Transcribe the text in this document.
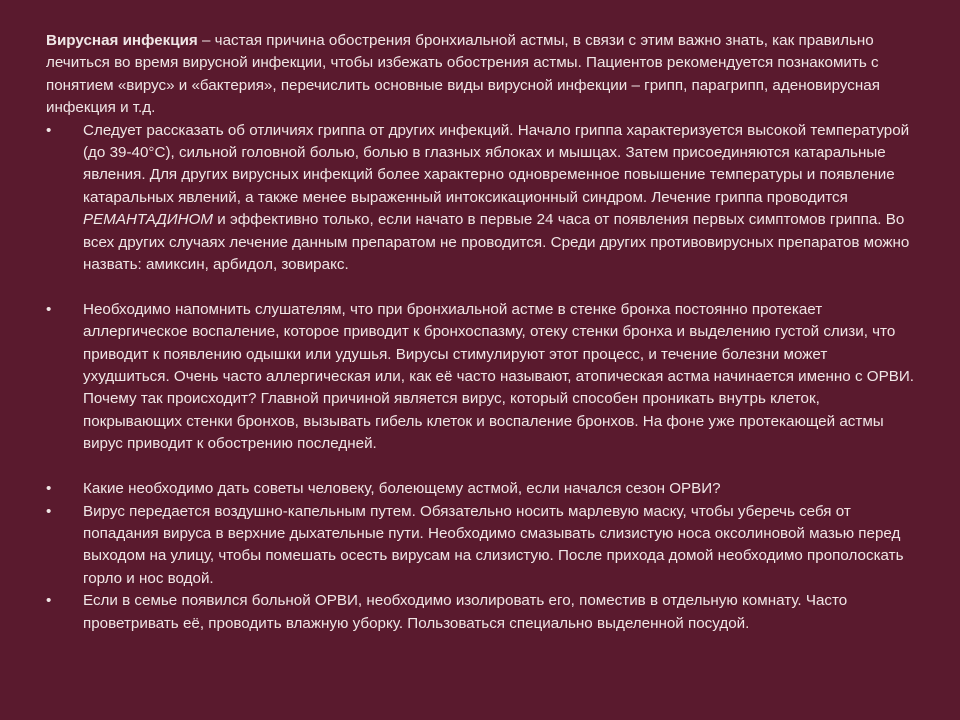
Вирусная инфекция – частая причина обострения бронхиальной астмы, в связи с этим важно знать, как правильно лечиться во время вирусной инфекции, чтобы избежать обострения астмы. Пациентов рекомендуется познакомить с понятием «вирус» и «бактерия», перечислить основные виды вирусной инфекции – грипп, парагрипп, аденовирусная инфекция и т.д.

•	Следует рассказать об отличиях гриппа от других инфекций. Начало гриппа характеризуется высокой температурой (до 39-40°С), сильной головной болью, болью в глазных яблоках и мышцах. Затем присоединяются катаральные явления. Для других вирусных инфекций более характерно одновременное повышение температуры и появление катаральных явлений, а также менее выраженный интоксикационный синдром. Лечение гриппа проводится РЕМАНТАДИНОМ и эффективно только, если начато в первые 24 часа от появления первых симптомов гриппа. Во всех других случаях лечение данным препаратом не проводится. Среди других противовирусных препаратов можно назвать: амиксин, арбидол, зовиракс.

•	Необходимо напомнить слушателям, что при бронхиальной астме в стенке бронха постоянно протекает аллергическое воспаление, которое приводит к бронхоспазму, отеку стенки бронха и выделению густой слизи, что приводит к появлению одышки или удушья. Вирусы стимулируют этот процесс, и течение болезни может ухудшиться. Очень часто аллергическая или, как её часто называют, атопическая астма начинается именно с ОРВИ. Почему так происходит? Главной причиной является вирус, который способен проникать внутрь клеток, покрывающих стенки бронхов, вызывать гибель клеток и воспаление бронхов. На фоне уже протекающей астмы вирус приводит к обострению последней.

•	Какие необходимо дать советы человеку, болеющему астмой, если начался сезон ОРВИ?

•	Вирус передается воздушно-капельным путем. Обязательно носить марлевую маску, чтобы уберечь себя от попадания вируса в верхние дыхательные пути. Необходимо смазывать слизистую носа оксолиновой мазью перед выходом на улицу, чтобы помешать осесть вирусам на слизистую. После прихода домой необходимо прополоскать горло и нос водой.

•	Если в семье появился больной ОРВИ, необходимо изолировать его, поместив в отдельную комнату. Часто проветривать её, проводить влажную уборку. Пользоваться специально выделенной посудой.
